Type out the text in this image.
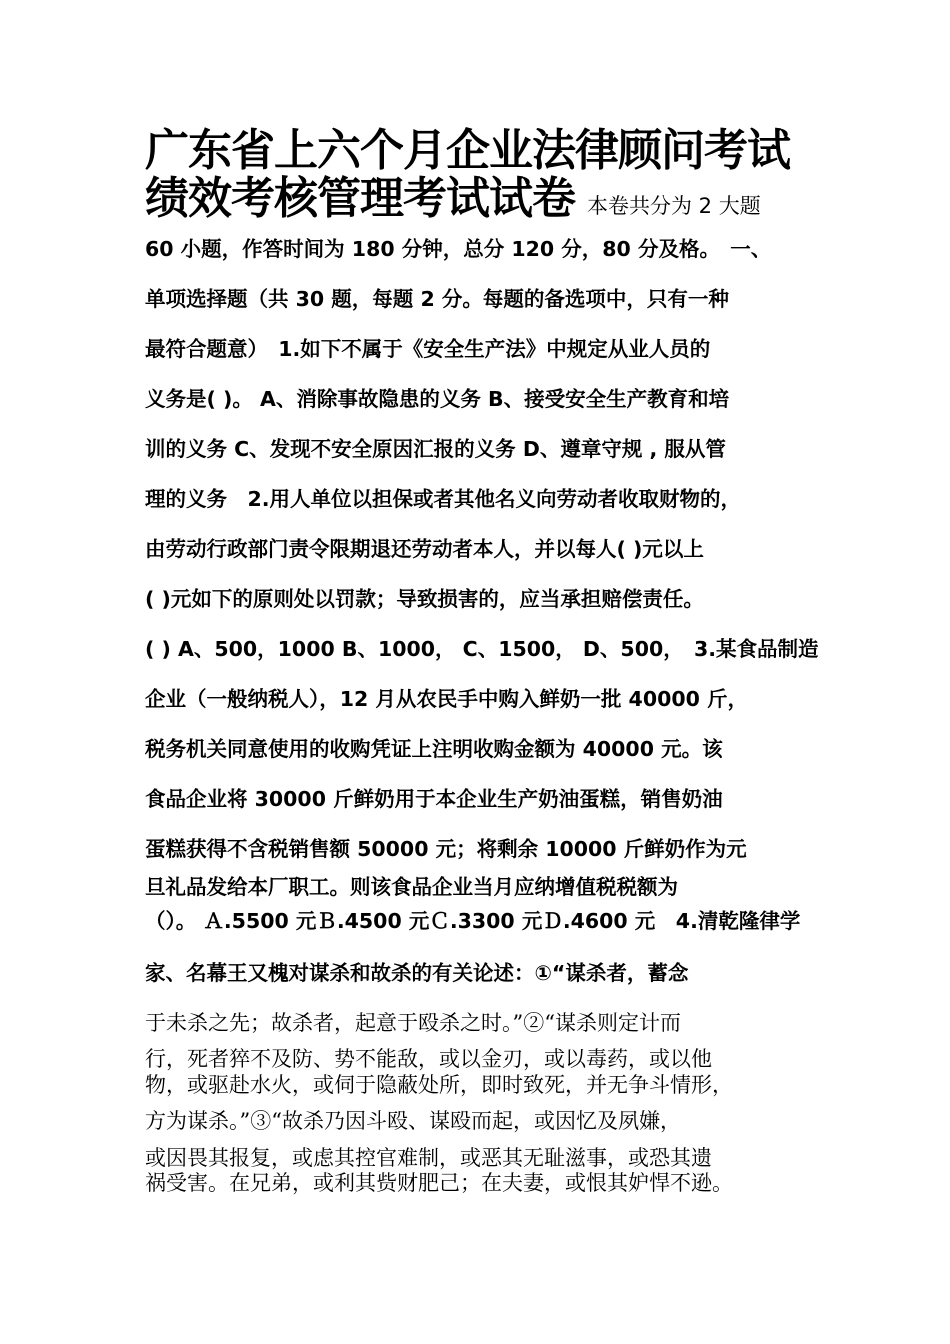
广东省上六个月企业法律顾问考试
绩效考核管理考试试卷 本卷共分为 2 大题
60 小题，作答时间为 180 分钟，总分 120 分，80 分及格。　一、
单项选择题（共 30 题，每题 2 分。每题的备选项中，只有一种
最符合题意）　1.如下不属于《安全生产法》中规定从业人员的
义务是( )。 A、消除事故隐患的义务 B、接受安全生产教育和培
训的义务 C、发现不安全原因汇报的义务 D、遵章守规 , 服从管
理的义务　2.用人单位以担保或者其他名义向劳动者收取财物的，
由劳动行政部门责令限期退还劳动者本人，并以每人( )元以上
( )元如下的原则处以罚款；导致损害的，应当承担赔偿责任。
( ) A、500，1000 B、1000， C、1500， D、500，　3.某食品制造
企业（一般纳税人），12 月从农民手中购入鲜奶一批 40000 斤，
税务机关同意使用的收购凭证上注明收购金额为 40000 元。该
食品企业将 30000 斤鲜奶用于本企业生产奶油蛋糕，销售奶油
蛋糕获得不含税销售额 50000 元；将剩余 10000 斤鲜奶作为元
旦礼品发给本厂职工。则该食品企业当月应纳增值税税额为
（）。 Ａ.5500 元Ｂ.4500 元Ｃ.3300 元Ｄ.4600 元　4.清乾隆律学
家、名幕王又槐对谋杀和故杀的有关论述：①“谋杀者，蓄念
于未杀之先；故杀者，起意于殴杀之时。”②“谋杀则定计而
行，死者猝不及防、势不能敌，或以金刃，或以毒药，或以他
物，或驱赴水火，或伺于隐蔽处所，即时致死，并无争斗情形，
方为谋杀。”③“故杀乃因斗殴、谋殴而起，或因忆及夙嫌，
或因畏其报复，或虑其控官难制，或恶其无耻滋事，或恐其遗
祸受害。在兄弟，或利其赀财肥己；在夫妻，或恨其妒悍不逊。
